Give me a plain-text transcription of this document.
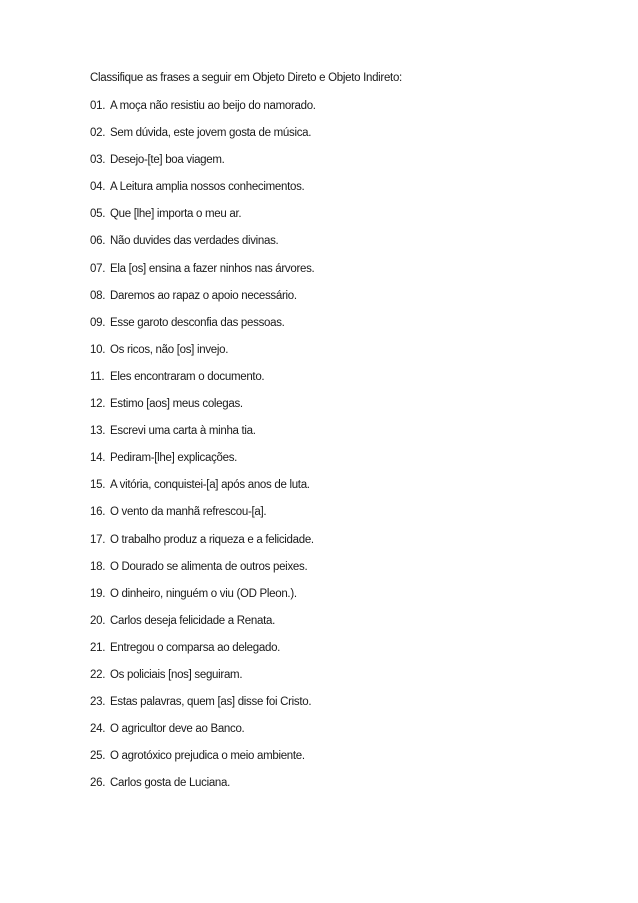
Classifique as frases a seguir em Objeto Direto e Objeto Indireto:
01. A moça não resistiu ao beijo do namorado.
02. Sem dúvida, este jovem gosta de música.
03. Desejo-[te] boa viagem.
04. A Leitura amplia nossos conhecimentos.
05. Que [lhe] importa o meu ar.
06. Não duvides das verdades divinas.
07. Ela [os] ensina a fazer ninhos nas árvores.
08. Daremos ao rapaz o apoio necessário.
09. Esse garoto desconfia das pessoas.
10. Os ricos, não [os] invejo.
11. Eles encontraram o documento.
12. Estimo [aos] meus colegas.
13. Escrevi uma carta à minha tia.
14. Pediram-[lhe] explicações.
15. A vitória, conquistei-[a] após anos de luta.
16. O vento da manhã refrescou-[a].
17. O trabalho produz a riqueza e a felicidade.
18. O Dourado se alimenta de outros peixes.
19. O dinheiro, ninguém o viu (OD Pleon.).
20. Carlos deseja felicidade a Renata.
21. Entregou o comparsa ao delegado.
22. Os policiais [nos] seguiram.
23. Estas palavras, quem [as] disse foi Cristo.
24. O agricultor deve ao Banco.
25. O agrotóxico prejudica o meio ambiente.
26. Carlos gosta de Luciana.
